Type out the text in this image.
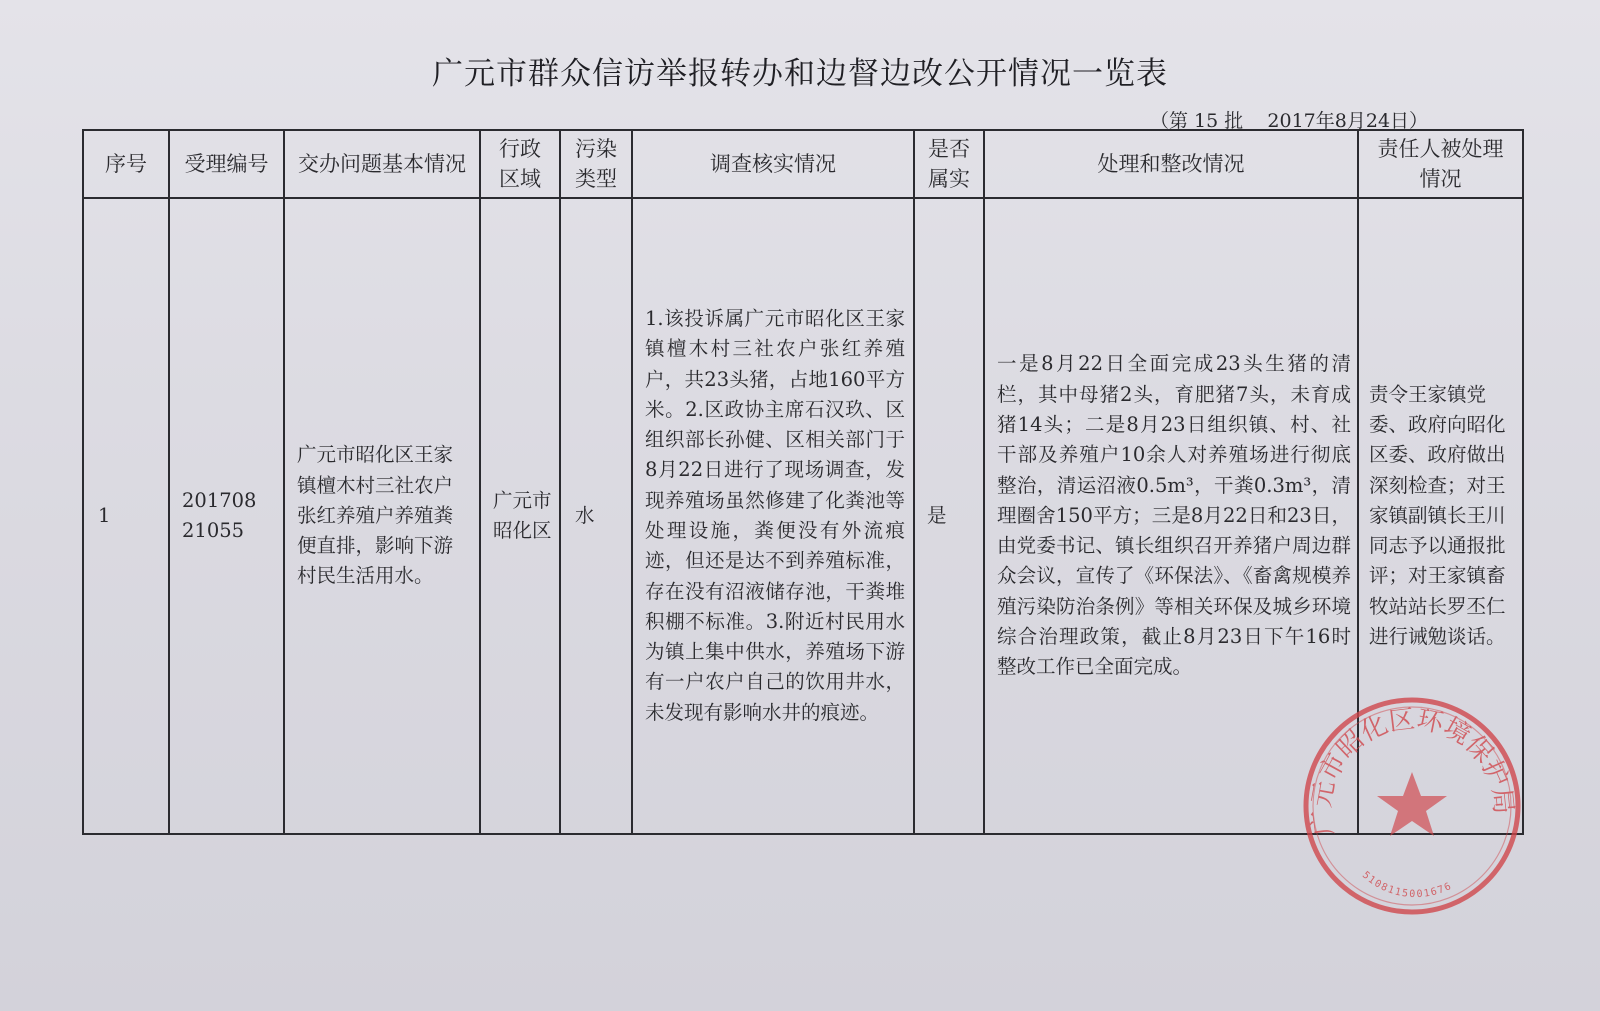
广元市群众信访举报转办和边督边改公开情况一览表
（第 15 批    2017年8月24日）
序号	受理编号	交办问题基本情况	行政区域	污染类型	调查核实情况	是否属实	处理和整改情况	责任人被处理情况
1	20170821055	广元市昭化区王家镇檀木村三社农户张红养殖户养殖粪便直排，影响下游村民生活用水。	广元市昭化区	水	1.该投诉属广元市昭化区王家镇檀木村三社农户张红养殖户，共23头猪，占地160平方米。2.区政协主席石汉玖、区组织部长孙健、区相关部门于8月22日进行了现场调查，发现养殖场虽然修建了化粪池等处理设施，粪便没有外流痕迹，但还是达不到养殖标准，存在没有沼液储存池，干粪堆积棚不标准。3.附近村民用水为镇上集中供水，养殖场下游有一户农户自己的饮用井水，未发现有影响水井的痕迹。	是	一是8月22日全面完成23头生猪的清栏，其中母猪2头，育肥猪7头，未育成猪14头；二是8月23日组织镇、村、社干部及养殖户10余人对养殖场进行彻底整治，清运沼液0.5m³，干粪0.3m³，清理圈舍150平方；三是8月22日和23日，由党委书记、镇长组织召开养猪户周边群众会议，宣传了《环保法》、《畜禽规模养殖污染防治条例》等相关环保及城乡环境综合治理政策，截止8月23日下午16时整改工作已全面完成。	责令王家镇党委、政府向昭化区委、政府做出深刻检查；对王家镇副镇长王川同志予以通报批评；对王家镇畜牧站站长罗丕仁进行诫勉谈话。
广元市昭化区环境保护局
5108115001676
